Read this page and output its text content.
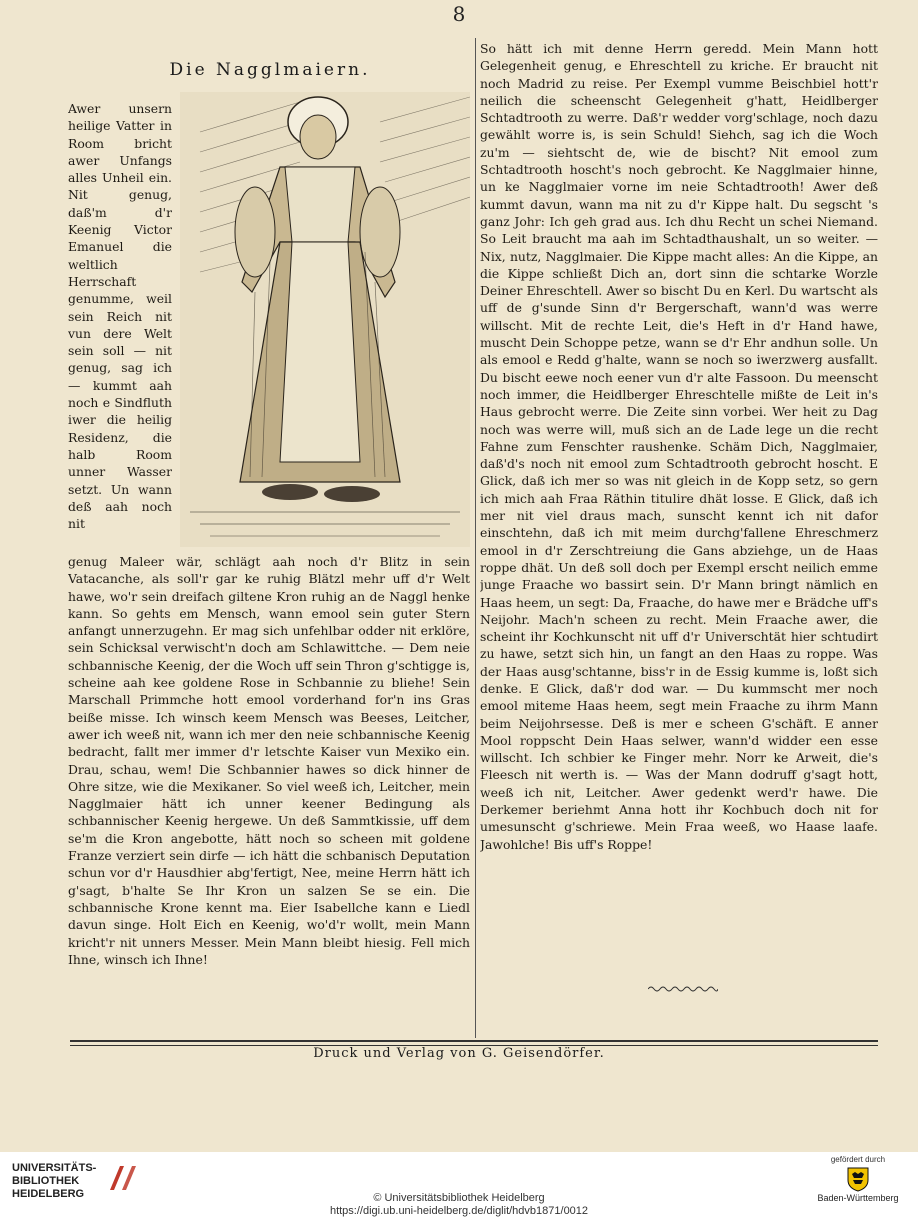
8
Die Nagglmaiern.
Awer unsern heilige Vatter in Room bricht awer Unfangs alles Unheil ein. Nit genug, daß'm d'r Keenig Victor Emanuel die weltlich Herrschaft genumme, weil sein Reich nit vun dere Welt sein soll — nit genug, sag ich — kummt aah noch e Sindfluth iwer die heilig Residenz, die halb Room unner Wasser setzt. Un wann deß aah noch nit
genug Maleer wär, schlägt aah noch d'r Blitz in sein Vatacanche, als soll'r gar ke ruhig Blätzl mehr uff d'r Welt hawe, wo'r sein dreifach giltene Kron ruhig an de Naggl henke kann. So gehts em Mensch, wann emool sein guter Stern anfangt unnerzugehn. Er mag sich unfehlbar odder nit erklöre, sein Schicksal verwischt'n doch am Schlawittche. — Dem neie schbannische Keenig, der die Woch uff sein Thron g'schtigge is, scheine aah kee goldene Rose in Schbannie zu bliehe! Sein Marschall Primmche hott emool vorderhand for'n ins Gras beiße misse. Ich winsch keem Mensch was Beeses, Leitcher, awer ich weeß nit, wann ich mer den neie schbannische Keenig bedracht, fallt mer immer d'r letschte Kaiser vun Mexiko ein. Drau, schau, wem! Die Schbannier hawes so dick hinner de Ohre sitze, wie die Mexikaner. So viel weeß ich, Leitcher, mein Nagglmaier hätt ich unner keener Bedingung als schbannischer Keenig hergewe. Un deß Sammtkissie, uff dem se'm die Kron angebotte, hätt noch so scheen mit goldene Franze verziert sein dirfe — ich hätt die schbanisch Deputation schun vor d'r Hausdhier abg'fertigt, Nee, meine Herrn hätt ich g'sagt, b'halte Se Ihr Kron un salzen Se se ein. Die schbannische Krone kennt ma. Eier Isabellche kann e Liedl davun singe. Holt Eich en Keenig, wo'd'r wollt, mein Mann kricht'r nit unners Messer. Mein Mann bleibt hiesig. Fell mich Ihne, winsch ich Ihne!
So hätt ich mit denne Herrn geredd. Mein Mann hott Gelegenheit genug, e Ehreschtell zu kriche. Er braucht nit noch Madrid zu reise. Per Exempl vumme Beischbiel hott'r neilich die scheenscht Gelegenheit g'hatt, Heidlberger Schtadtrooth zu werre. Daß'r wedder vorg'schlage, noch dazu gewählt worre is, is sein Schuld! Siehch, sag ich die Woch zu'm — siehtscht de, wie de bischt? Nit emool zum Schtadtrooth hoscht's noch gebrocht. Ke Nagglmaier hinne, un ke Nagglmaier vorne im neie Schtadtrooth! Awer deß kummt davun, wann ma nit zu d'r Kippe halt. Du segscht 's ganz Johr: Ich geh grad aus. Ich dhu Recht un schei Niemand. So Leit braucht ma aah im Schtadthaushalt, un so weiter. — Nix, nutz, Nagglmaier. Die Kippe macht alles: An die Kippe, an die Kippe schließt Dich an, dort sinn die schtarke Worzle Deiner Ehreschtell. Awer so bischt Du en Kerl. Du wartscht als uff de g'sunde Sinn d'r Bergerschaft, wann'd was werre willscht. Mit de rechte Leit, die's Heft in d'r Hand hawe, muscht Dein Schoppe petze, wann se d'r Ehr andhun solle. Un als emool e Redd g'halte, wann se noch so iwerzwerg ausfallt. Du bischt eewe noch eener vun d'r alte Fassoon. Du meenscht noch immer, die Heidlberger Ehreschtelle mißte de Leit in's Haus gebrocht werre. Die Zeite sinn vorbei. Wer heit zu Dag noch was werre will, muß sich an de Lade lege un die recht Fahne zum Fenschter raushenke. Schäm Dich, Nagglmaier, daß'd's noch nit emool zum Schtadtrooth gebrocht hoscht. E Glick, daß ich mer so was nit gleich in de Kopp setz, so gern ich mich aah Fraa Räthin titulire dhät losse. E Glick, daß ich mer nit viel draus mach, sunscht kennt ich nit dafor einschtehn, daß ich mit meim durchg'fallene Ehreschmerz emool in d'r Zerschtreiung die Gans abziehge, un de Haas roppe dhät. Un deß soll doch per Exempl erscht neilich emme junge Fraache wo bassirt sein. D'r Mann bringt nämlich en Haas heem, un segt: Da, Fraache, do hawe mer e Brädche uff's Neijohr. Mach'n scheen zu recht. Mein Fraache awer, die scheint ihr Kochkunscht nit uff d'r Universchtät hier schtudirt zu hawe, setzt sich hin, un fangt an den Haas zu roppe. Was der Haas ausg'schtanne, biss'r in de Essig kumme is, loßt sich denke. E Glick, daß'r dod war. — Du kummscht mer noch emool miteme Haas heem, segt mein Fraache zu ihrm Mann beim Neijohrsesse. Deß is mer e scheen G'schäft. E anner Mool roppscht Dein Haas selwer, wann'd widder een esse willscht. Ich schbier ke Finger mehr. Norr ke Arweit, die's Fleesch nit werth is. — Was der Mann dodruff g'sagt hott, weeß ich nit, Leitcher. Awer gedenkt werd'r hawe. Die Derkemer beriehmt Anna hott ihr Kochbuch doch nit for umesunscht g'schriewe. Mein Fraa weeß, wo Haase laafe. Jawohlche! Bis uff's Roppe!
Druck und Verlag von G. Geisendörfer.
UNIVERSITÄTS-
BIBLIOTHEK
HEIDELBERG	© Universitätsbibliothek Heidelberg
https://digi.ub.uni-heidelberg.de/diglit/hdvb1871/0012
gefördert durch
Baden-Württemberg
